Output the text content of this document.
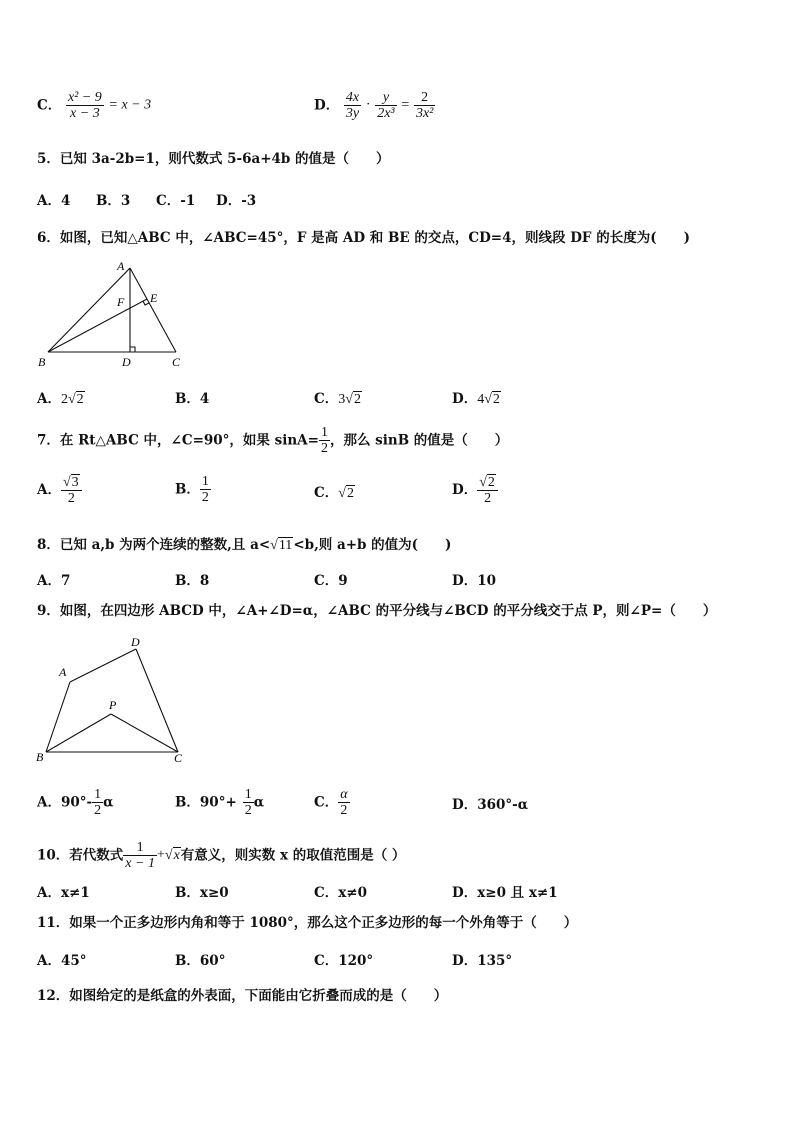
C． $\frac{\text{x² − 9}}{x - 3} = x - 3$	D． $\frac{4x}{3y} \cdot \frac{y}{\text{2x³}} = \frac{2}{\text{3x²}}$
5．已知 3a-2b=1，则代数式 5-6a+4b 的值是（　　）
A．4 B．3 C．-1 D．-3
6．如图，已知△ABC 中，∠ABC=45°，F 是高 AD 和 BE 的交点，CD=4，则线段 DF 的长度为(　　)
A
B	C
D
E
F
A．2√2	B．4	C．3√2	D．4√2
7．在 Rt△ABC 中，∠C=90°，如果 $\sin A= \frac{1}{2}$ ，那么 sinB 的值是（　　）
A． $\frac{√3}{2}$	B． $\frac{1}{2}$	C．√2	D． $\frac{√2}{2}$
8．已知 a,b 为两个连续的整数,且 a<√11<b,则 a+b 的值为(　　)
A．7	B．8	C．9	D．10
9．如图，在四边形 ABCD 中，∠A+∠D=α，∠ABC 的平分线与∠BCD 的平分线交于点 P，则∠P=（　　）
A
B	C
D
P
A．$90^\circ- \frac{1}{2}$ α	B．$90^\circ+ \frac{1}{2}$ α	C． $\frac{\alpha}{2}$	D．360°-α
10．若代数式 $\frac{1}{x - 1} +√x$有意义，则实数 x 的取值范围是（ ）
A．x≠1	B．x≥0	C．x≠0	D．x≥0 且 x≠1
11．如果一个正多边形内角和等于 1080°，那么这个正多边形的每一个外角等于（　　）
A．45°	B．60°	C．120°	D．135°
12．如图给定的是纸盒的外表面，下面能由它折叠而成的是（　　）
